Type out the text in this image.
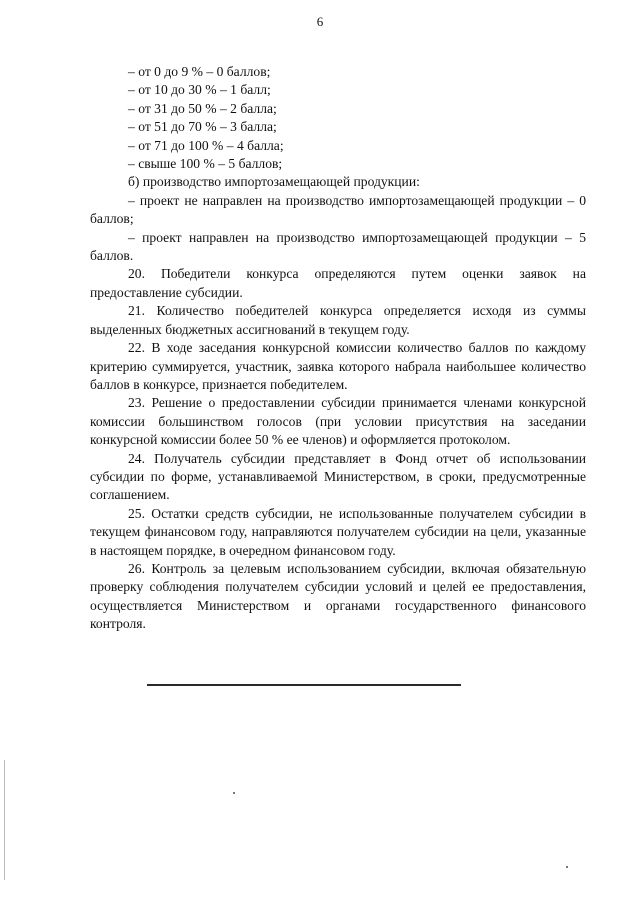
6

– от 0 до 9 % – 0 баллов;

– от 10 до 30 % – 1 балл;

– от 31 до 50 % – 2 балла;

– от 51 до 70 % – 3 балла;

– от 71 до 100 % – 4 балла;

– свыше 100 % – 5 баллов;

б) производство импортозамещающей продукции:

– проект не направлен на производство импортозамещающей продукции – 0 баллов;

– проект направлен на производство импортозамещающей продукции – 5 баллов.

20. Победители конкурса определяются путем оценки заявок на предоставление субсидии.

21. Количество победителей конкурса определяется исходя из суммы выделенных бюджетных ассигнований в текущем году.

22. В ходе заседания конкурсной комиссии количество баллов по каждому критерию суммируется, участник, заявка которого набрала наибольшее количество баллов в конкурсе, признается победителем.

23. Решение о предоставлении субсидии принимается членами конкурсной комиссии большинством голосов (при условии присутствия на заседании конкурсной комиссии более 50 % ее членов) и оформляется протоколом.

24. Получатель субсидии представляет в Фонд отчет об использовании субсидии по форме, устанавливаемой Министерством, в сроки, предусмотренные соглашением.

25. Остатки средств субсидии, не использованные получателем субсидии в текущем финансовом году, направляются получателем субсидии на цели, указанные в настоящем порядке, в очередном финансовом году.

26. Контроль за целевым использованием субсидии, включая обязательную проверку соблюдения получателем субсидии условий и целей ее предоставления, осуществляется Министерством и органами государственного финансового контроля.
